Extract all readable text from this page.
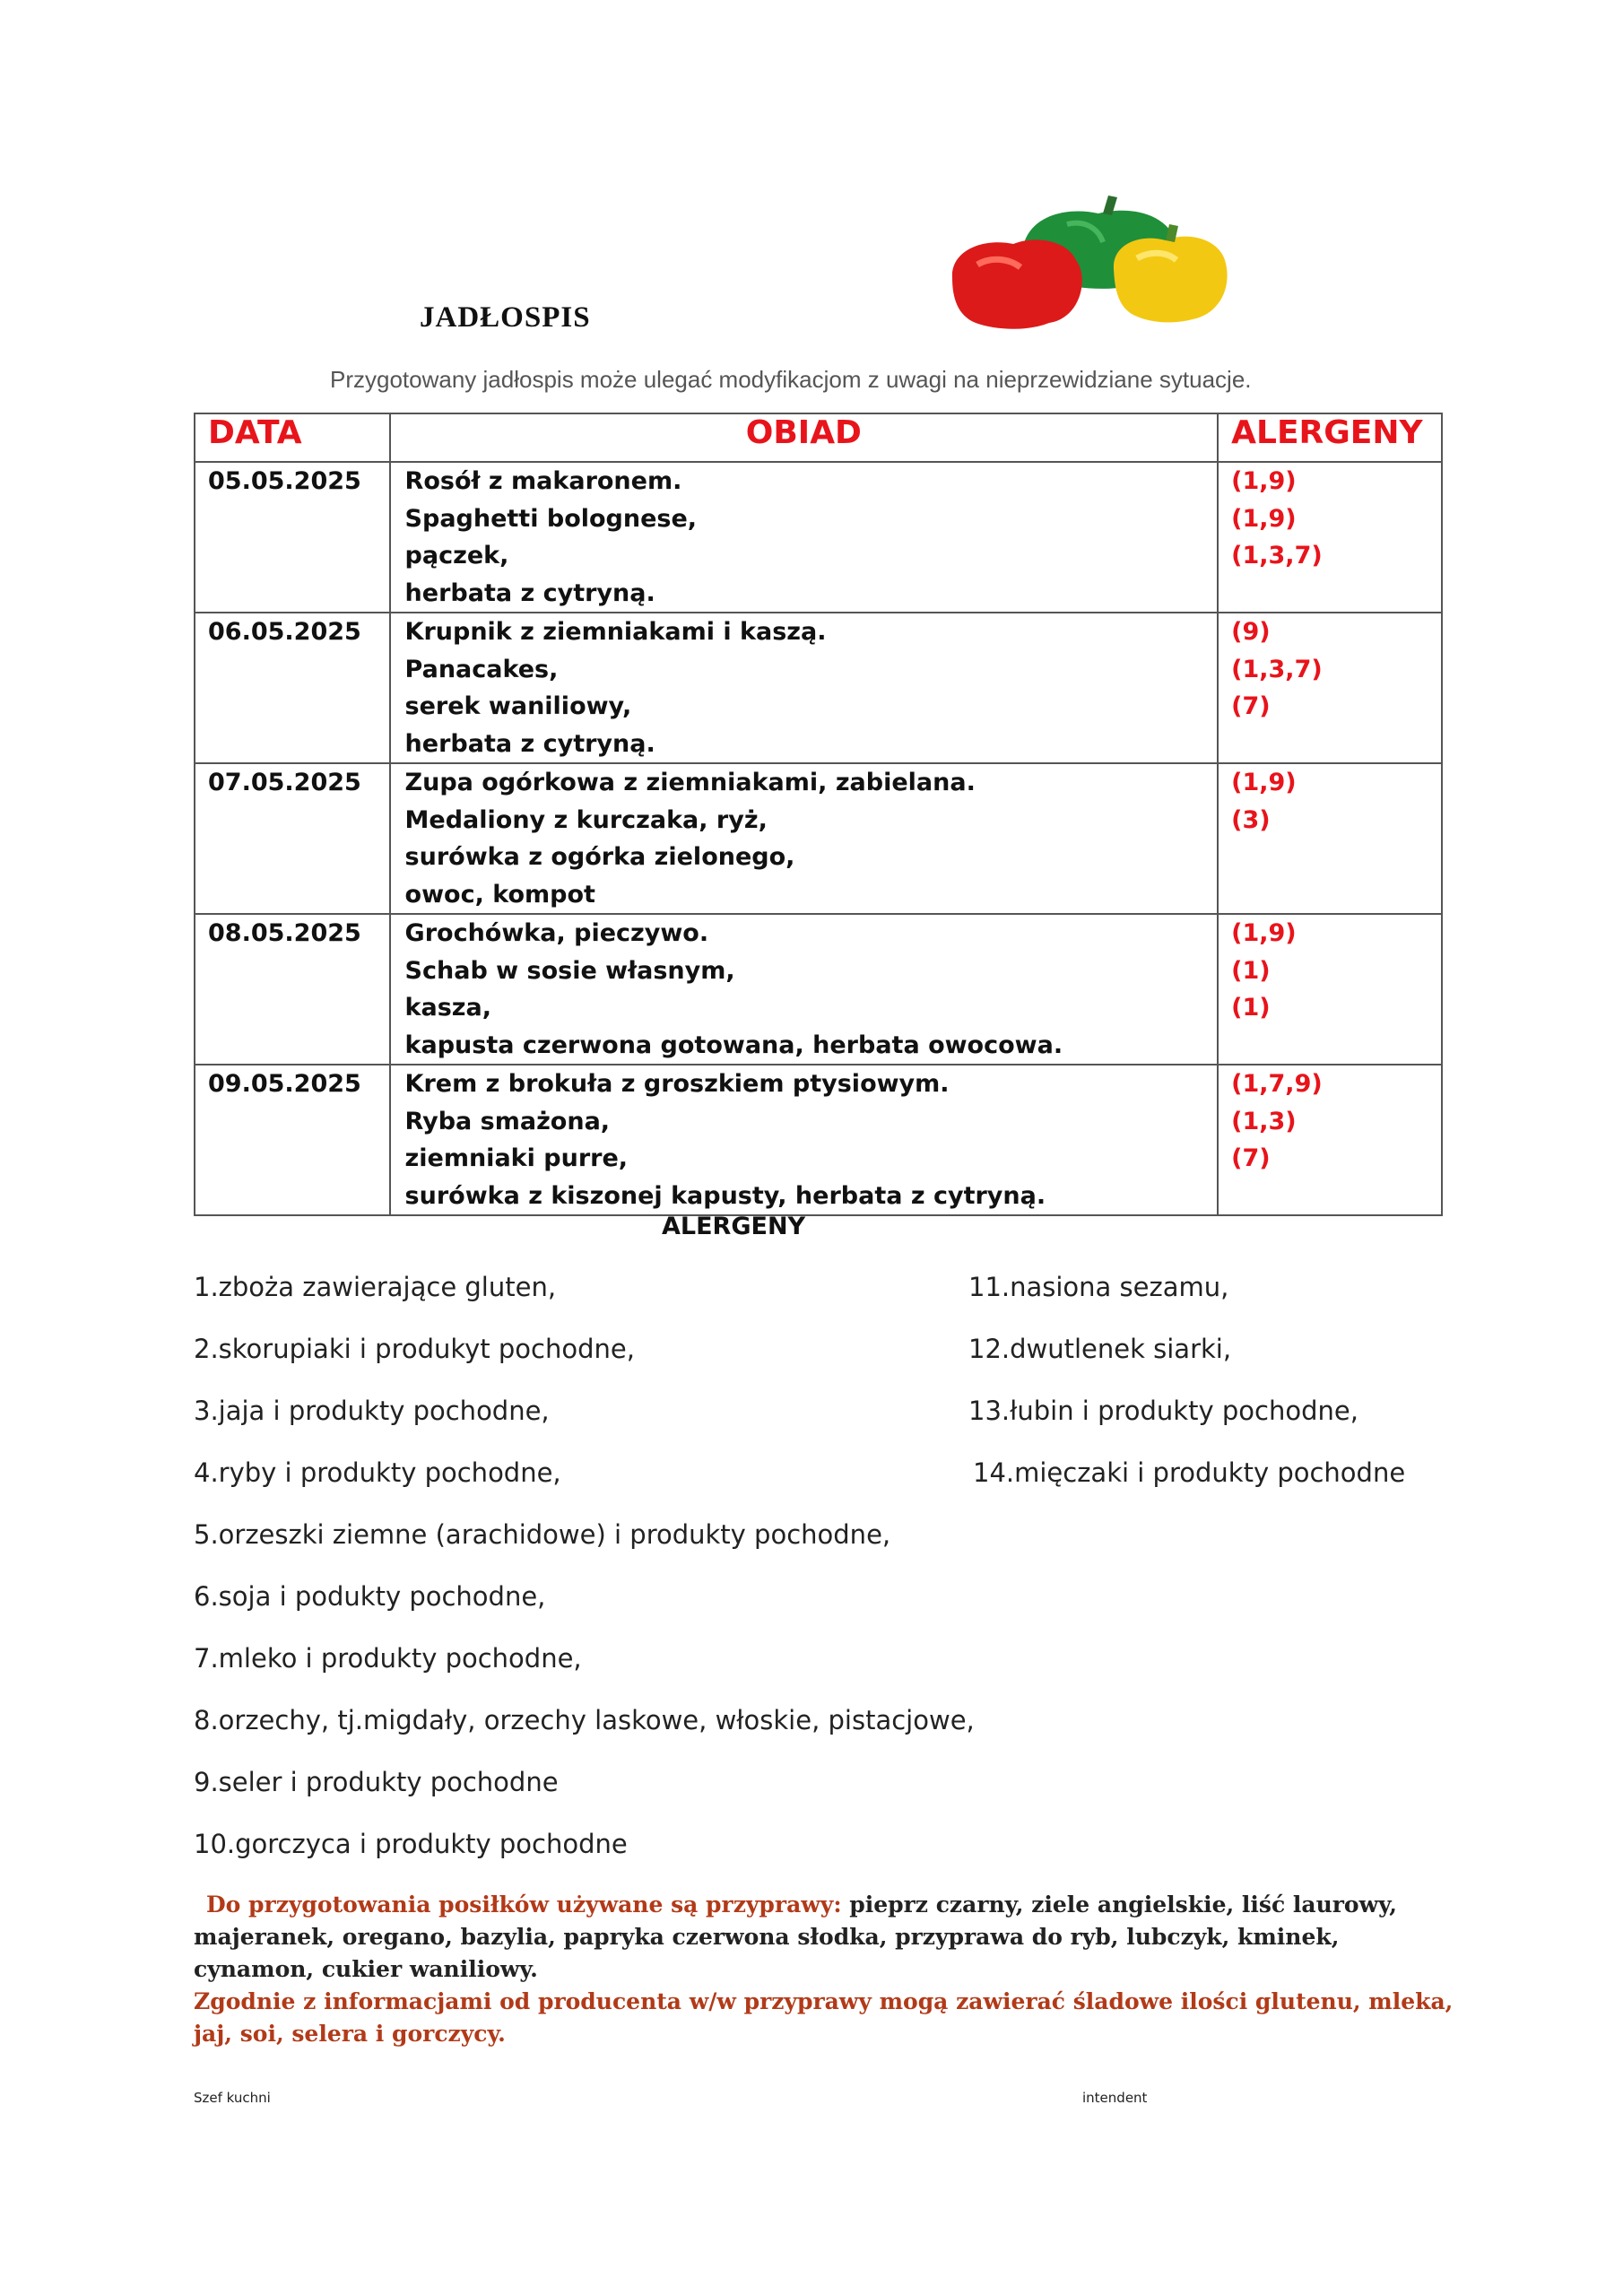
JADŁOSPIS
Przygotowany jadłospis może ulegać modyfikacjom z uwagi na nieprzewidziane sytuacje.
DATA	OBIAD	ALERGENY
05.05.2025	Rosół z makaronem.
Spaghetti bolognese,
pączek,
herbata z cytryną.	(1,9)
(1,9)
(1,3,7)

06.05.2025	Krupnik z ziemniakami i kaszą.
Panacakes,
serek waniliowy,
herbata z cytryną.	(9)
(1,3,7)
(7)

07.05.2025	Zupa ogórkowa z ziemniakami, zabielana.
Medaliony z kurczaka, ryż,
surówka z ogórka zielonego,
owoc, kompot	(1,9)
(3)

08.05.2025	Grochówka, pieczywo.
Schab w sosie własnym,
kasza,
kapusta czerwona gotowana, herbata owocowa.	(1,9)
(1)
(1)

09.05.2025	Krem z brokuła z groszkiem ptysiowym.
Ryba smażona,
ziemniaki purre,
surówka z kiszonej kapusty, herbata z cytryną.	(1,7,9)
(1,3)
(7)
ALERGENY
1.zboża zawierające gluten,
2.skorupiaki i produkyt pochodne,
3.jaja i produkty pochodne,
4.ryby i produkty pochodne,
5.orzeszki ziemne (arachidowe) i produkty pochodne,
6.soja i podukty pochodne,
7.mleko i produkty pochodne,
8.orzechy, tj.migdały, orzechy laskowe, włoskie, pistacjowe,
9.seler i produkty pochodne
10.gorczyca i produkty pochodne
11.nasiona sezamu,
12.dwutlenek siarki,
13.łubin i produkty pochodne,
14.mięczaki i produkty pochodne
Do przygotowania posiłków używane są przyprawy: pieprz czarny, ziele angielskie, liść laurowy, majeranek, oregano, bazylia, papryka czerwona słodka, przyprawa do ryb, lubczyk, kminek, cynamon, cukier waniliowy.
Zgodnie z informacjami od producenta w/w przyprawy mogą zawierać śladowe ilości glutenu, mleka, jaj, soi, selera i gorczycy.
Szef kuchni	intendent
